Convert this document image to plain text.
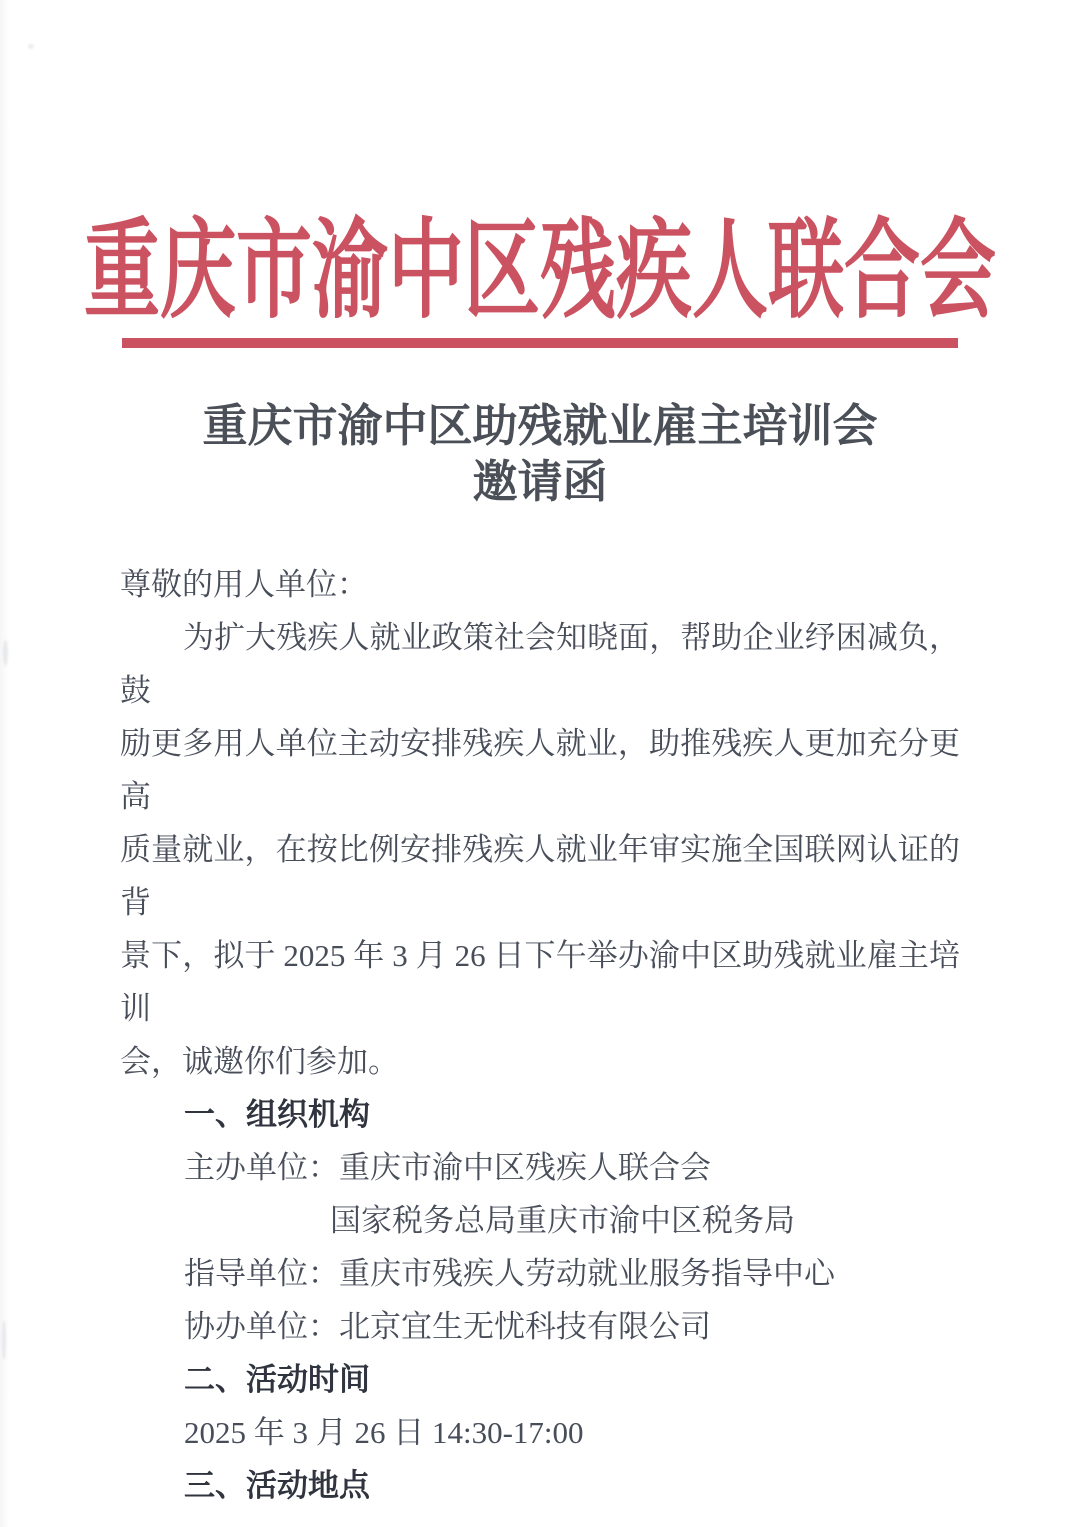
重庆市渝中区残疾人联合会
重庆市渝中区助残就业雇主培训会
邀请函
尊敬的用人单位：
为扩大残疾人就业政策社会知晓面，帮助企业纾困减负，鼓
励更多用人单位主动安排残疾人就业，助推残疾人更加充分更高
质量就业，在按比例安排残疾人就业年审实施全国联网认证的背
景下，拟于 2025 年 3 月 26 日下午举办渝中区助残就业雇主培训
会，诚邀你们参加。
一、组织机构
主办单位：重庆市渝中区残疾人联合会
国家税务总局重庆市渝中区税务局
指导单位：重庆市残疾人劳动就业服务指导中心
协办单位：北京宜生无忧科技有限公司
二、活动时间
2025 年 3 月 26 日 14:30-17:00
三、活动地点
